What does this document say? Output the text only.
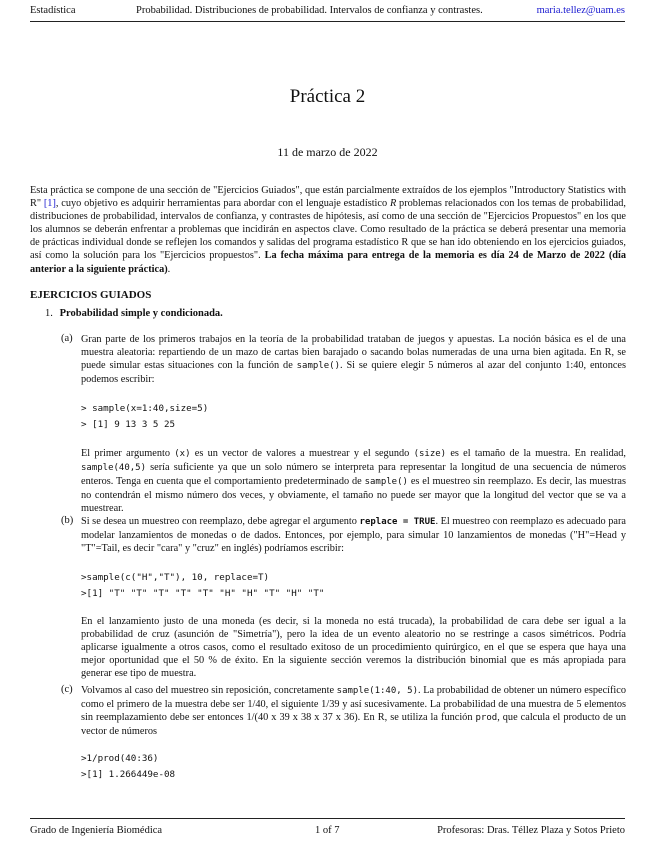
Estadística	Probabilidad. Distribuciones de probabilidad. Intervalos de confianza y contrastes.	maria.tellez@uam.es
Práctica 2
11 de marzo de 2022
Esta práctica se compone de una sección de "Ejercicios Guiados", que están parcialmente extraídos de los ejemplos "Introductory Statistics with R" [1], cuyo objetivo es adquirir herramientas para abordar con el lenguaje estadístico R problemas relacionados con los temas de probabilidad, distribuciones de probabilidad, intervalos de confianza, y contrastes de hipótesis, así como de una sección de "Ejercicios Propuestos" en los que los alumnos se deberán enfrentar a problemas que incidirán en aspectos clave. Como resultado de la práctica se deberá presentar una memoria de prácticas individual donde se reflejen los comandos y salidas del programa estadístico R que se han ido obteniendo en los ejercicios guiados, así como la solución para los "Ejercicios propuestos". La fecha máxima para entrega de la memoria es día 24 de Marzo de 2022 (día anterior a la siguiente práctica).
EJERCICIOS GUIADOS
1. Probabilidad simple y condicionada.
(a) Gran parte de los primeros trabajos en la teoría de la probabilidad trataban de juegos y apuestas. La noción básica es el de una muestra aleatoria: repartiendo de un mazo de cartas bien barajado o sacando bolas numeradas de una urna bien agitada. En R, se puede simular estas situaciones con la función de sample(). Si se quiere elegir 5 números al azar del conjunto 1:40, entonces podemos escribir:
> sample(x=1:40,size=5)
> [1] 9 13 3 5 25
El primer argumento (x) es un vector de valores a muestrear y el segundo (size) es el tamaño de la muestra. En realidad, sample(40,5) sería suficiente ya que un solo número se interpreta para representar la longitud de una secuencia de números enteros. Tenga en cuenta que el comportamiento predeterminado de sample() es el muestreo sin reemplazo. Es decir, las muestras no contendrán el mismo número dos veces, y obviamente, el tamaño no puede ser mayor que la longitud del vector que se va a muestrear.
(b) Si se desea un muestreo con reemplazo, debe agregar el argumento replace = TRUE. El muestreo con reemplazo es adecuado para modelar lanzamientos de monedas o de dados. Entonces, por ejemplo, para simular 10 lanzamientos de monedas ("H"=Head y "T"=Tail, es decir "cara" y "cruz" en inglés) podríamos escribir:
>sample(c("H","T"), 10, replace=T)
>[1] "T" "T" "T" "T" "T" "H" "H" "T" "H" "T"
En el lanzamiento justo de una moneda (es decir, si la moneda no está trucada), la probabilidad de cara debe ser igual a la probabilidad de cruz (asunción de "Simetría"), pero la idea de un evento aleatorio no se restringe a casos simétricos. Podría aplicarse igualmente a otros casos, como el resultado exitoso de un procedimiento quirúrgico, en el que se espera que haya una mejor oportunidad que el 50 % de éxito. En la siguiente sección veremos la distribución binomial que es más apropiada para generar ese tipo de muestra.
(c) Volvamos al caso del muestreo sin reposición, concretamente sample(1:40, 5). La probabilidad de obtener un número específico como el primero de la muestra debe ser 1/40, el siguiente 1/39 y así sucesivamente. La probabilidad de una muestra de 5 elementos sin reemplazamiento debe ser entonces 1/(40 x 39 x 38 x 37 x 36). En R, se utiliza la función prod, que calcula el producto de un vector de números
>1/prod(40:36)
>[1] 1.266449e-08
Grado de Ingeniería Biomédica	1 of 7	Profesoras: Dras. Téllez Plaza y Sotos Prieto
